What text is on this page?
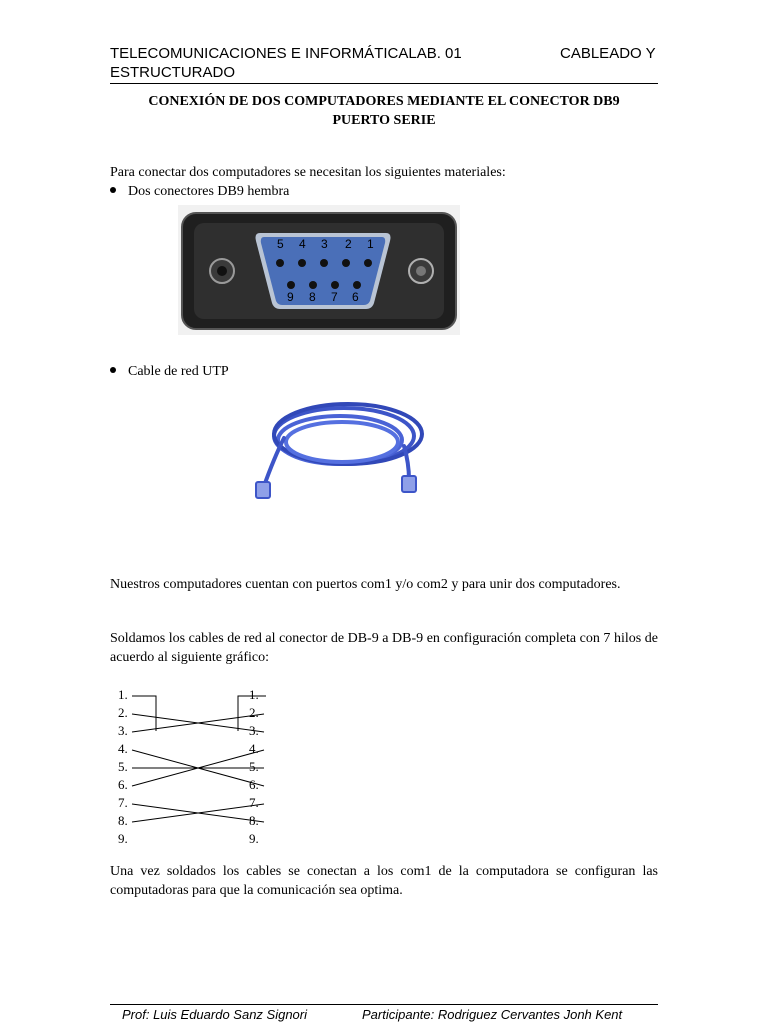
TELECOMUNICACIONES E INFORMÁTICALAB. 01	CABLEADO Y
ESTRUCTURADO
CONEXIÓN DE DOS COMPUTADORES MEDIANTE EL CONECTOR DB9
PUERTO SERIE
Para conectar dos computadores se necesitan los siguientes materiales:
Dos conectores DB9 hembra
5 4 3 2 1
9 8 7 6
Cable de red UTP
Nuestros computadores cuentan con puertos com1 y/o com2 y para unir dos computadores.
Soldamos los cables de red al conector de DB-9 a DB-9 en configuración completa con 7 hilos de acuerdo al siguiente gráfico:
1.
2.
3.
4.
5.
6.
7.
8.
9.
1.
2.
3.
4.
5.
6.
7.
8.
9.
Una vez soldados los cables se conectan a los com1 de la computadora se configuran las computadoras para que la comunicación sea optima.
Prof: Luis Eduardo Sanz Signori	Participante: Rodriguez Cervantes Jonh Kent
